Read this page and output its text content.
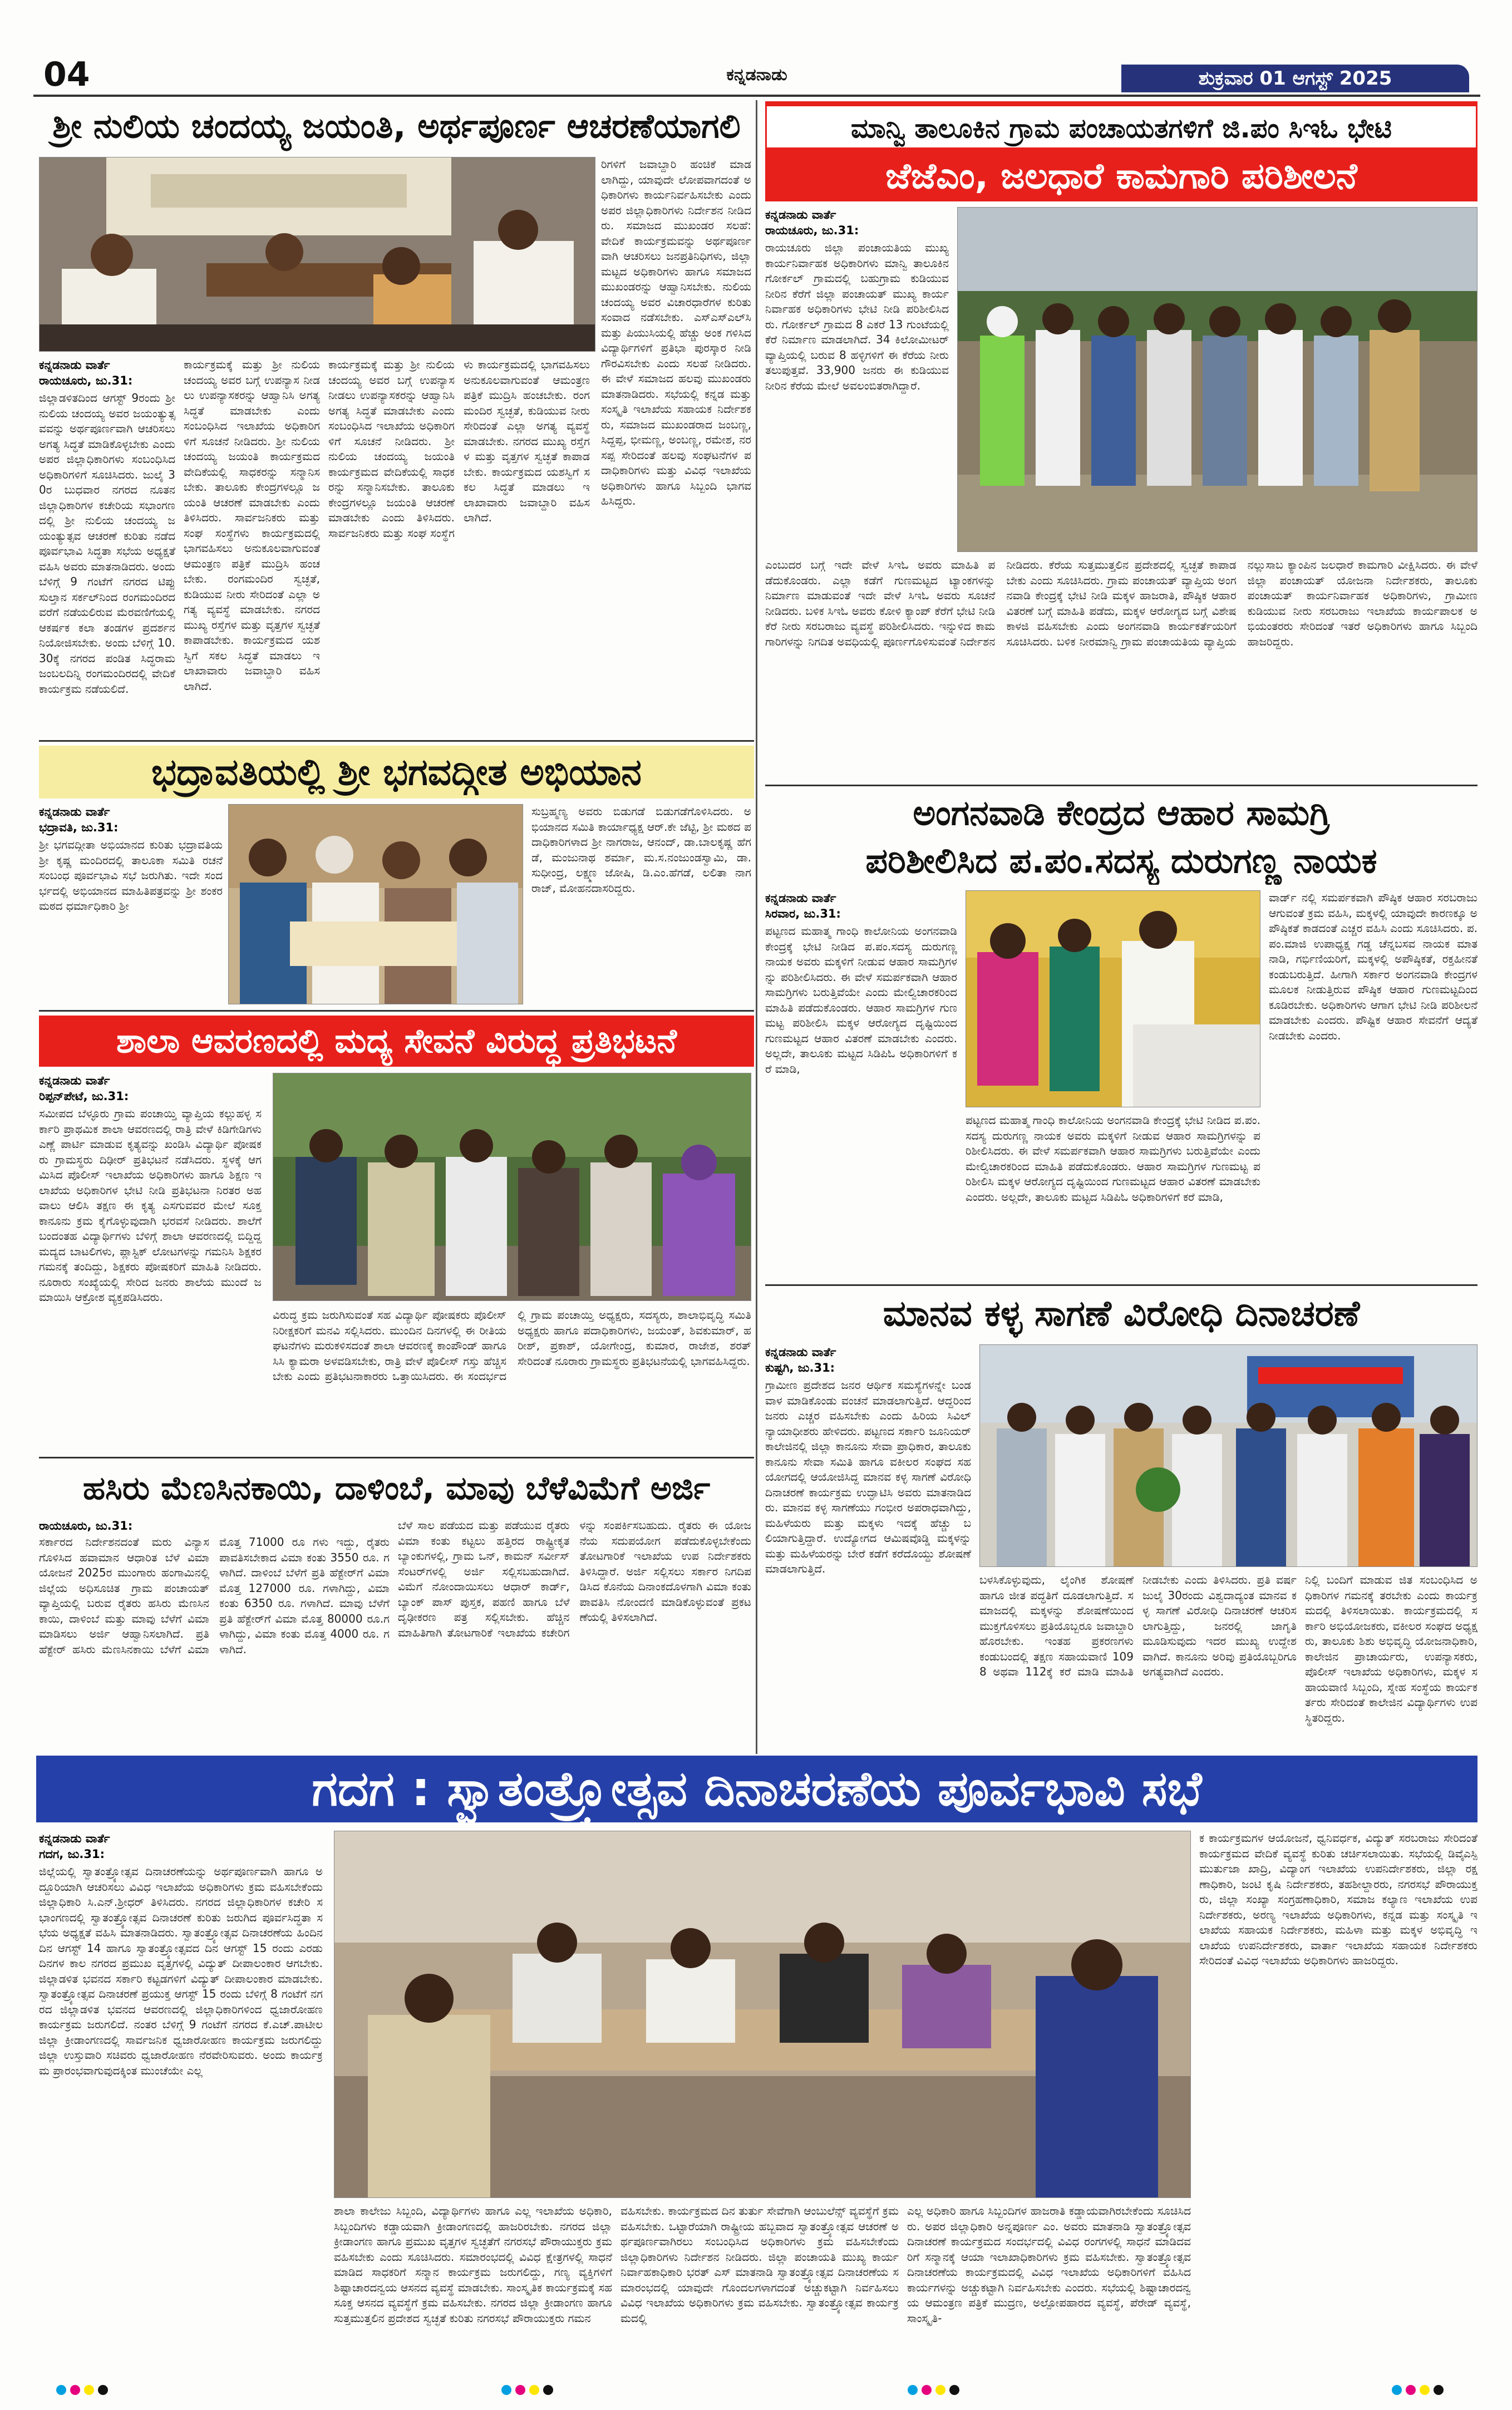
04	ಕನ್ನಡನಾಡು	ಶುಕ್ರವಾರ 01 ಆಗಸ್ಟ್ 2025
ಶ್ರೀ ನುಲಿಯ ಚಂದಯ್ಯ ಜಯಂತಿ, ಅರ್ಥಪೂರ್ಣ ಆಚರಣೆಯಾಗಲಿ
ರಿಗಳಿಗೆ ಜವಾಬ್ದಾರಿ ಹಂಚಿಕೆ ಮಾಡಲಾಗಿದ್ದು, ಯಾವುದೇ ಲೋಪವಾಗದಂತೆ ಅಧಿಕಾರಿಗಳು ಕಾರ್ಯನಿರ್ವಹಿಸಬೇಕು ಎಂದು ಅಪರ ಜಿಲ್ಲಾಧಿಕಾರಿಗಳು ನಿರ್ದೇಶನ ನೀಡಿದರು. ಸಮಾಜದ ಮುಖಂಡರ ಸಲಹೆ: ವೇದಿಕೆ ಕಾರ್ಯಕ್ರಮವನ್ನು ಅರ್ಥಪೂರ್ಣವಾಗಿ ಆಚರಿಸಲು ಜನಪ್ರತಿನಿಧಿಗಳು, ಜಿಲ್ಲಾ ಮಟ್ಟದ ಅಧಿಕಾರಿಗಳು ಹಾಗೂ ಸಮಾಜದ ಮುಖಂಡರನ್ನು ಆಹ್ವಾನಿಸಬೇಕು. ನುಲಿಯ ಚಂದಯ್ಯ ಅವರ ವಿಚಾರಧಾರೆಗಳ ಕುರಿತು ಸಂವಾದ ನಡೆಸಬೇಕು. ಎಸ್ಎಸ್ಎಲ್‌ಸಿ ಮತ್ತು ಪಿಯುಸಿಯಲ್ಲಿ ಹೆಚ್ಚು ಅಂಕ ಗಳಿಸಿದ ವಿದ್ಯಾರ್ಥಿಗಳಿಗೆ ಪ್ರತಿಭಾ ಪುರಸ್ಕಾರ ನೀಡಿ ಗೌರವಿಸಬೇಕು ಎಂದು ಸಲಹೆ ನೀಡಿದರು. ಈ ವೇಳೆ ಸಮಾಜದ ಹಲವು ಮುಖಂಡರು ಮಾತನಾಡಿದರು. ಸಭೆಯಲ್ಲಿ ಕನ್ನಡ ಮತ್ತು ಸಂಸ್ಕೃತಿ ಇಲಾಖೆಯ ಸಹಾಯಕ ನಿರ್ದೇಶಕರು, ಸಮಾಜದ ಮುಖಂಡರಾದ ಜಂಬಣ್ಣ, ಸಿದ್ದಪ್ಪ, ಭೀಮಣ್ಣ, ಅಂಬಣ್ಣ, ರಮೇಶ, ನರಸಪ್ಪ ಸೇರಿದಂತೆ ಹಲವು ಸಂಘಟನೆಗಳ ಪದಾಧಿಕಾರಿಗಳು ಮತ್ತು ವಿವಿಧ ಇಲಾಖೆಯ ಅಧಿಕಾರಿಗಳು ಹಾಗೂ ಸಿಬ್ಬಂದಿ ಭಾಗವಹಿಸಿದ್ದರು.
ಕನ್ನಡನಾಡು ವಾರ್ತೆ
ರಾಯಚೂರು, ಜು.31:
ಜಿಲ್ಲಾಡಳಿತದಿಂದ ಆಗಸ್ಟ್ 9ರಂದು ಶ್ರೀ ನುಲಿಯ ಚಂದಯ್ಯ ಅವರ ಜಯಂತ್ಯುತ್ಸವವನ್ನು ಅರ್ಥಪೂರ್ಣವಾಗಿ ಆಚರಿಸಲು ಅಗತ್ಯ ಸಿದ್ಧತೆ ಮಾಡಿಕೊಳ್ಳಬೇಕು ಎಂದು ಅಪರ ಜಿಲ್ಲಾಧಿಕಾರಿಗಳು ಸಂಬಂಧಿಸಿದ ಅಧಿಕಾರಿಗಳಿಗೆ ಸೂಚಿಸಿದರು. ಜುಲೈ 30ರ ಬುಧವಾರ ನಗರದ ನೂತನ ಜಿಲ್ಲಾಧಿಕಾರಿಗಳ ಕಚೇರಿಯ ಸಭಾಂಗಣದಲ್ಲಿ ಶ್ರೀ ನುಲಿಯ ಚಂದಯ್ಯ ಜಯಂತ್ಯುತ್ಸವ ಆಚರಣೆ ಕುರಿತು ನಡೆದ ಪೂರ್ವಭಾವಿ ಸಿದ್ಧತಾ ಸಭೆಯ ಅಧ್ಯಕ್ಷತೆ ವಹಿಸಿ ಅವರು ಮಾತನಾಡಿದರು. ಅಂದು ಬೆಳಿಗ್ಗೆ 9 ಗಂಟೆಗೆ ನಗರದ ಟಿಪ್ಪು ಸುಲ್ತಾನ ಸರ್ಕಲ್‌ನಿಂದ ರಂಗಮಂದಿರದವರೆಗೆ ನಡೆಯಲಿರುವ ಮೆರವಣಿಗೆಯಲ್ಲಿ ಆಕರ್ಷಕ ಕಲಾ ತಂಡಗಳ ಪ್ರದರ್ಶನ ನಿಯೋಜಿಸಬೇಕು. ಅಂದು ಬೆಳಿಗ್ಗೆ 10.30ಕ್ಕೆ ನಗರದ ಪಂಡಿತ ಸಿದ್ಧರಾಮ ಜಂಬಲದಿನ್ನಿ ರಂಗಮಂದಿರದಲ್ಲಿ ವೇದಿಕೆ ಕಾರ್ಯಕ್ರಮ ನಡೆಯಲಿದೆ.
ಕಾರ್ಯಕ್ರಮಕ್ಕೆ ಮತ್ತು ಶ್ರೀ ನುಲಿಯ ಚಂದಯ್ಯ ಅವರ ಬಗ್ಗೆ ಉಪನ್ಯಾಸ ನೀಡಲು ಉಪನ್ಯಾಸಕರನ್ನು ಆಹ್ವಾನಿಸಿ ಅಗತ್ಯ ಸಿದ್ಧತೆ ಮಾಡಬೇಕು ಎಂದು ಸಂಬಂಧಿಸಿದ ಇಲಾಖೆಯ ಅಧಿಕಾರಿಗಳಿಗೆ ಸೂಚನೆ ನೀಡಿದರು. ಶ್ರೀ ನುಲಿಯ ಚಂದಯ್ಯ ಜಯಂತಿ ಕಾರ್ಯಕ್ರಮದ ವೇದಿಕೆಯಲ್ಲಿ ಸಾಧಕರನ್ನು ಸನ್ಮಾನಿಸಬೇಕು. ತಾಲೂಕು ಕೇಂದ್ರಗಳಲ್ಲೂ ಜಯಂತಿ ಆಚರಣೆ ಮಾಡಬೇಕು ಎಂದು ತಿಳಿಸಿದರು. ಸಾರ್ವಜನಿಕರು ಮತ್ತು ಸಂಘ ಸಂಸ್ಥೆಗಳು ಕಾರ್ಯಕ್ರಮದಲ್ಲಿ ಭಾಗವಹಿಸಲು ಅನುಕೂಲವಾಗುವಂತೆ ಆಮಂತ್ರಣ ಪತ್ರಿಕೆ ಮುದ್ರಿಸಿ ಹಂಚಬೇಕು. ರಂಗಮಂದಿರ ಸ್ವಚ್ಛತೆ, ಕುಡಿಯುವ ನೀರು ಸೇರಿದಂತೆ ಎಲ್ಲಾ ಅಗತ್ಯ ವ್ಯವಸ್ಥೆ ಮಾಡಬೇಕು. ನಗರದ ಮುಖ್ಯ ರಸ್ತೆಗಳ ಮತ್ತು ವೃತ್ತಗಳ ಸ್ವಚ್ಛತೆ ಕಾಪಾಡಬೇಕು. ಕಾರ್ಯಕ್ರಮದ ಯಶಸ್ವಿಗೆ ಸಕಲ ಸಿದ್ಧತೆ ಮಾಡಲು ಇಲಾಖಾವಾರು ಜವಾಬ್ದಾರಿ ವಹಿಸಲಾಗಿದೆ.
ಕಾರ್ಯಕ್ರಮಕ್ಕೆ ಮತ್ತು ಶ್ರೀ ನುಲಿಯ ಚಂದಯ್ಯ ಅವರ ಬಗ್ಗೆ ಉಪನ್ಯಾಸ ನೀಡಲು ಉಪನ್ಯಾಸಕರನ್ನು ಆಹ್ವಾನಿಸಿ ಅಗತ್ಯ ಸಿದ್ಧತೆ ಮಾಡಬೇಕು ಎಂದು ಸಂಬಂಧಿಸಿದ ಇಲಾಖೆಯ ಅಧಿಕಾರಿಗಳಿಗೆ ಸೂಚನೆ ನೀಡಿದರು. ಶ್ರೀ ನುಲಿಯ ಚಂದಯ್ಯ ಜಯಂತಿ ಕಾರ್ಯಕ್ರಮದ ವೇದಿಕೆಯಲ್ಲಿ ಸಾಧಕರನ್ನು ಸನ್ಮಾನಿಸಬೇಕು. ತಾಲೂಕು ಕೇಂದ್ರಗಳಲ್ಲೂ ಜಯಂತಿ ಆಚರಣೆ ಮಾಡಬೇಕು ಎಂದು ತಿಳಿಸಿದರು. ಸಾರ್ವಜನಿಕರು ಮತ್ತು ಸಂಘ ಸಂಸ್ಥೆಗಳು ಕಾರ್ಯಕ್ರಮದಲ್ಲಿ ಭಾಗವಹಿಸಲು ಅನುಕೂಲವಾಗುವಂತೆ ಆಮಂತ್ರಣ ಪತ್ರಿಕೆ ಮುದ್ರಿಸಿ ಹಂಚಬೇಕು. ರಂಗಮಂದಿರ ಸ್ವಚ್ಛತೆ, ಕುಡಿಯುವ ನೀರು ಸೇರಿದಂತೆ ಎಲ್ಲಾ ಅಗತ್ಯ ವ್ಯವಸ್ಥೆ ಮಾಡಬೇಕು. ನಗರದ ಮುಖ್ಯ ರಸ್ತೆಗಳ ಮತ್ತು ವೃತ್ತಗಳ ಸ್ವಚ್ಛತೆ ಕಾಪಾಡಬೇಕು. ಕಾರ್ಯಕ್ರಮದ ಯಶಸ್ವಿಗೆ ಸಕಲ ಸಿದ್ಧತೆ ಮಾಡಲು ಇಲಾಖಾವಾರು ಜವಾಬ್ದಾರಿ ವಹಿಸಲಾಗಿದೆ.
ಭದ್ರಾವತಿಯಲ್ಲಿ ಶ್ರೀ ಭಗವದ್ಗೀತ ಅಭಿಯಾನ
ಕನ್ನಡನಾಡು ವಾರ್ತೆ
ಭದ್ರಾವತಿ, ಜು.31:
ಶ್ರೀ ಭಗವದ್ಗೀತಾ ಅಭಿಯಾನದ ಕುರಿತು ಭದ್ರಾವತಿಯ ಶ್ರೀ ಕೃಷ್ಣ ಮಂದಿರದಲ್ಲಿ ತಾಲೂಕಾ ಸಮಿತಿ ರಚನೆ ಸಂಬಂಧ ಪೂರ್ವಭಾವಿ ಸಭೆ ಜರುಗಿತು. ಇದೇ ಸಂದರ್ಭದಲ್ಲಿ ಅಭಿಯಾನದ ಮಾಹಿತಿಪತ್ರವನ್ನು ಶ್ರೀ ಶಂಕರ ಮಠದ ಧರ್ಮಾಧಿಕಾರಿ ಶ್ರೀ
ಸುಬ್ರಹ್ಮಣ್ಯ ಅವರು ಬಿಡುಗಡೆ ಬಿಡುಗಡೆಗೊಳಿಸಿದರು. ಅಭಿಯಾನದ ಸಮಿತಿ ಕಾರ್ಯಾಧ್ಯಕ್ಷ ಆರ್.ಕೇ ಜೆಟ್ಟಿ, ಶ್ರೀ ಮಠದ ಪದಾಧಿಕಾರಿಗಳಾದ ಶ್ರೀ ನಾಗರಾಜ, ಆನಂದ್, ಡಾ.ಬಾಲಕೃಷ್ಣ ಹೆಗಡೆ, ಮಂಜುನಾಥ ಶರ್ಮಾ, ಮ.ಸ.ನಂಜುಂಡಸ್ವಾಮಿ, ಡಾ.ಸುಧೀಂದ್ರ, ಲಕ್ಷ್ಮಣ ಜೋಷಿ, ಡಿ.ಎಂ.ಹೆಗಡೆ, ಲಲಿತಾ ನಾಗರಾಜ್, ಮೋಹನದಾಸರಿದ್ದರು.
ಶಾಲಾ ಆವರಣದಲ್ಲಿ ಮದ್ಯ ಸೇವನೆ ವಿರುದ್ಧ ಪ್ರತಿಭಟನೆ
ಕನ್ನಡನಾಡು ವಾರ್ತೆ
ರಿಪ್ಪನ್‌ಪೇಟೆ, ಜು.31:
ಸಮೀಪದ ಬೆಳ್ಳೂರು ಗ್ರಾಮ ಪಂಚಾಯ್ತಿ ವ್ಯಾಪ್ತಿಯ ಕಲ್ಲುಹಳ್ಳ ಸರ್ಕಾರಿ ಪ್ರಾಥಮಿಕ ಶಾಲಾ ಆವರಣದಲ್ಲಿ ರಾತ್ರಿ ವೇಳೆ ಕಿಡಿಗೇಡಿಗಳು ಎಣ್ಣೆ ಪಾರ್ಟಿ ಮಾಡುವ ಕೃತ್ಯವನ್ನು ಖಂಡಿಸಿ ವಿದ್ಯಾರ್ಥಿ ಪೋಷಕರು ಗ್ರಾಮಸ್ಥರು ದಿಢೀರ್ ಪ್ರತಿಭಟನೆ ನಡೆಸಿದರು. ಸ್ಥಳಕ್ಕೆ ಆಗಮಿಸಿದ ಪೊಲೀಸ್ ಇಲಾಖೆಯ ಅಧಿಕಾರಿಗಳು ಹಾಗೂ ಶಿಕ್ಷಣ ಇಲಾಖೆಯ ಅಧಿಕಾರಿಗಳ ಭೇಟಿ ನೀಡಿ ಪ್ರತಿಭಟನಾ ನಿರತರ ಅಹವಾಲು ಆಲಿಸಿ ತಕ್ಷಣ ಈ ಕೃತ್ಯ ಎಸಗುವವರ ಮೇಲೆ ಸೂಕ್ತ ಕಾನೂನು ಕ್ರಮ ಕೈಗೊಳ್ಳುವುದಾಗಿ ಭರವಸೆ ನೀಡಿದರು. ಶಾಲೆಗೆ ಬಂದಂತಹ ವಿದ್ಯಾರ್ಥಿಗಳು ಬೆಳಿಗ್ಗೆ ಶಾಲಾ ಆವರಣದಲ್ಲಿ ಬಿದ್ದಿದ್ದ ಮದ್ಯದ ಬಾಟಲಿಗಳು, ಪ್ಲಾಸ್ಟಿಕ್ ಲೋಟಗಳನ್ನು ಗಮನಿಸಿ ಶಿಕ್ಷಕರ ಗಮನಕ್ಕೆ ತಂದಿದ್ದು, ಶಿಕ್ಷಕರು ಪೋಷಕರಿಗೆ ಮಾಹಿತಿ ನೀಡಿದರು. ನೂರಾರು ಸಂಖ್ಯೆಯಲ್ಲಿ ಸೇರಿದ ಜನರು ಶಾಲೆಯ ಮುಂದೆ ಜಮಾಯಿಸಿ ಆಕ್ರೋಶ ವ್ಯಕ್ತಪಡಿಸಿದರು.
ವಿರುದ್ಧ ಕ್ರಮ ಜರುಗಿಸುವಂತೆ ಸಹ ವಿದ್ಯಾರ್ಥಿ ಪೋಷಕರು ಪೊಲೀಸ್ ನಿರೀಕ್ಷಕರಿಗೆ ಮನವಿ ಸಲ್ಲಿಸಿದರು. ಮುಂದಿನ ದಿನಗಳಲ್ಲಿ ಈ ರೀತಿಯ ಘಟನೆಗಳು ಮರುಕಳಿಸದಂತೆ ಶಾಲಾ ಆವರಣಕ್ಕೆ ಕಾಂಪೌಂಡ್ ಹಾಗೂ ಸಿಸಿ ಕ್ಯಾಮರಾ ಅಳವಡಿಸಬೇಕು, ರಾತ್ರಿ ವೇಳೆ ಪೊಲೀಸ್ ಗಸ್ತು ಹೆಚ್ಚಿಸಬೇಕು ಎಂದು ಪ್ರತಿಭಟನಾಕಾರರು ಒತ್ತಾಯಿಸಿದರು. ಈ ಸಂದರ್ಭದಲ್ಲಿ ಗ್ರಾಮ ಪಂಚಾಯ್ತಿ ಅಧ್ಯಕ್ಷರು, ಸದಸ್ಯರು, ಶಾಲಾಭಿವೃದ್ಧಿ ಸಮಿತಿ ಅಧ್ಯಕ್ಷರು ಹಾಗೂ ಪದಾಧಿಕಾರಿಗಳು, ಜಯಂತ್, ಶಿವಕುಮಾರ್, ಹರೀಶ್, ಪ್ರಕಾಶ್, ಯೋಗೇಂದ್ರ, ಕುಮಾರ, ರಾಜೇಶ, ಶರತ್ ಸೇರಿದಂತೆ ನೂರಾರು ಗ್ರಾಮಸ್ಥರು ಪ್ರತಿಭಟನೆಯಲ್ಲಿ ಭಾಗವಹಿಸಿದ್ದರು.
ಹಸಿರು ಮೆಣಸಿನಕಾಯಿ, ದಾಳಿಂಬೆ, ಮಾವು ಬೆಳೆವಿಮೆಗೆ ಅರ್ಜಿ
ರಾಯಚೂರು, ಜು.31:
ಸರ್ಕಾರದ ನಿರ್ದೇಶನದಂತೆ ಮರು ವಿನ್ಯಾಸಗೊಳಿಸಿದ ಹವಾಮಾನ ಆಧಾರಿತ ಬೆಳೆ ವಿಮಾ ಯೋಜನೆ 2025ರ ಮುಂಗಾರು ಹಂಗಾಮಿನಲ್ಲಿ ಜಿಲ್ಲೆಯ ಅಧಿಸೂಚಿತ ಗ್ರಾಮ ಪಂಚಾಯತ್ ವ್ಯಾಪ್ತಿಯಲ್ಲಿ ಬರುವ ರೈತರು ಹಸಿರು ಮೆಣಸಿನಕಾಯಿ, ದಾಳಿಂಬೆ ಮತ್ತು ಮಾವು ಬೆಳೆಗೆ ವಿಮಾ ಮಾಡಿಸಲು ಅರ್ಜಿ ಆಹ್ವಾನಿಸಲಾಗಿದೆ. ಪ್ರತಿ ಹೆಕ್ಟೇರ್ ಹಸಿರು ಮೆಣಸಿನಕಾಯಿ ಬೆಳೆಗೆ ವಿಮಾ ಮೊತ್ತ 71000 ರೂ ಗಳು ಇದ್ದು, ರೈತರು ಪಾವತಿಸಬೇಕಾದ ವಿಮಾ ಕಂತು 3550 ರೂ. ಗಳಾಗಿದೆ. ದಾಳಿಂಬೆ ಬೆಳೆಗೆ ಪ್ರತಿ ಹೆಕ್ಟೇರ್‌ಗೆ ವಿಮಾ ಮೊತ್ತ 127000 ರೂ. ಗಳಾಗಿದ್ದು, ವಿಮಾ ಕಂತು 6350 ರೂ. ಗಳಾಗಿದೆ. ಮಾವು ಬೆಳೆಗೆ ಪ್ರತಿ ಹೆಕ್ಟೇರ್‌ಗೆ ವಿಮಾ ಮೊತ್ತ 80000 ರೂ.ಗಳಾಗಿದ್ದು, ವಿಮಾ ಕಂತು ಮೊತ್ತ 4000 ರೂ. ಗಳಾಗಿದೆ.
ಬೆಳೆ ಸಾಲ ಪಡೆಯದ ಮತ್ತು ಪಡೆಯುವ ರೈತರು ವಿಮಾ ಕಂತು ಕಟ್ಟಲು ಹತ್ತಿರದ ರಾಷ್ಟ್ರೀಕೃತ ಬ್ಯಾಂಕುಗಳಲ್ಲಿ, ಗ್ರಾಮ ಒನ್, ಕಾಮನ್ ಸರ್ವೀಸ್ ಸೆಂಟರ್‌ಗಳಲ್ಲಿ ಅರ್ಜಿ ಸಲ್ಲಿಸಬಹುದಾಗಿದೆ. ವಿಮೆಗೆ ನೋಂದಾಯಿಸಲು ಆಧಾರ್ ಕಾರ್ಡ್, ಬ್ಯಾಂಕ್ ಪಾಸ್ ಪುಸ್ತಕ, ಪಹಣಿ ಹಾಗೂ ಬೆಳೆ ದೃಢೀಕರಣ ಪತ್ರ ಸಲ್ಲಿಸಬೇಕು. ಹೆಚ್ಚಿನ ಮಾಹಿತಿಗಾಗಿ ತೋಟಗಾರಿಕೆ ಇಲಾಖೆಯ ಕಚೇರಿಗಳನ್ನು ಸಂಪರ್ಕಿಸಬಹುದು. ರೈತರು ಈ ಯೋಜನೆಯ ಸದುಪಯೋಗ ಪಡೆದುಕೊಳ್ಳಬೇಕೆಂದು ತೋಟಗಾರಿಕೆ ಇಲಾಖೆಯ ಉಪ ನಿರ್ದೇಶಕರು ತಿಳಿಸಿದ್ದಾರೆ. ಅರ್ಜಿ ಸಲ್ಲಿಸಲು ಸರ್ಕಾರ ನಿಗದಿಪಡಿಸಿದ ಕೊನೆಯ ದಿನಾಂಕದೊಳಗಾಗಿ ವಿಮಾ ಕಂತು ಪಾವತಿಸಿ ನೋಂದಣಿ ಮಾಡಿಕೊಳ್ಳುವಂತೆ ಪ್ರಕಟಣೆಯಲ್ಲಿ ತಿಳಿಸಲಾಗಿದೆ.
ಮಾನ್ವಿ ತಾಲೂಕಿನ ಗ್ರಾಮ ಪಂಚಾಯತಗಳಿಗೆ ಜಿ.ಪಂ ಸಿಇಓ ಭೇಟಿ
ಜೆಜೆಎಂ, ಜಲಧಾರೆ ಕಾಮಗಾರಿ ಪರಿಶೀಲನೆ
ಕನ್ನಡನಾಡು ವಾರ್ತೆ
ರಾಯಚೂರು, ಜು.31:
ರಾಯಚೂರು ಜಿಲ್ಲಾ ಪಂಚಾಯತಿಯ ಮುಖ್ಯ ಕಾರ್ಯನಿರ್ವಾಹಕ ಅಧಿಕಾರಿಗಳು ಮಾನ್ವಿ ತಾಲೂಕಿನ ಗೋರ್ಕಲ್ ಗ್ರಾಮದಲ್ಲಿ ಬಹುಗ್ರಾಮ ಕುಡಿಯುವ ನೀರಿನ ಕೆರೆಗೆ ಜಿಲ್ಲಾ ಪಂಚಾಯತ್ ಮುಖ್ಯ ಕಾರ್ಯನಿರ್ವಾಹಕ ಅಧಿಕಾರಿಗಳು ಭೇಟಿ ನೀಡಿ ಪರಿಶೀಲಿಸಿದರು. ಗೋರ್ಕಲ್ ಗ್ರಾಮದ 8 ಎಕರೆ 13 ಗುಂಟೆಯಲ್ಲಿ ಕೆರೆ ನಿರ್ಮಾಣ ಮಾಡಲಾಗಿದೆ. 34 ಕಿಲೋಮೀಟರ್ ವ್ಯಾಪ್ತಿಯಲ್ಲಿ ಬರುವ 8 ಹಳ್ಳಿಗಳಿಗೆ ಈ ಕೆರೆಯ ನೀರು ತಲುಪುತ್ತವೆ. 33,900 ಜನರು ಈ ಕುಡಿಯುವ ನೀರಿನ ಕೆರೆಯ ಮೇಲೆ ಅವಲಂಬಿತರಾಗಿದ್ದಾರೆ.
ಎಂಬುದರ ಬಗ್ಗೆ ಇದೇ ವೇಳೆ ಸಿಇಓ ಅವರು ಮಾಹಿತಿ ಪಡೆದುಕೊಂಡರು. ಎಲ್ಲಾ ಕಡೆಗೆ ಗುಣಮಟ್ಟದ ಟ್ಯಾಂಕಗಳನ್ನು ನಿರ್ಮಾಣ ಮಾಡುವಂತೆ ಇದೇ ವೇಳೆ ಸಿಇಓ ಅವರು ಸೂಚನೆ ನೀಡಿದರು. ಬಳಿಕ ಸಿಇಓ ಅವರು ಕೋಳಿ ಕ್ಯಾಂಪ್ ಕೆರೆಗೆ ಭೇಟಿ ನೀಡಿ ಕೆರೆ ನೀರು ಸರಬರಾಜು ವ್ಯವಸ್ಥೆ ಪರಿಶೀಲಿಸಿದರು. ಇನ್ನುಳಿದ ಕಾಮಗಾರಿಗಳನ್ನು ನಿಗದಿತ ಅವಧಿಯಲ್ಲಿ ಪೂರ್ಣಗೊಳಿಸುವಂತೆ ನಿರ್ದೇಶನ ನೀಡಿದರು. ಕೆರೆಯ ಸುತ್ತಮುತ್ತಲಿನ ಪ್ರದೇಶದಲ್ಲಿ ಸ್ವಚ್ಛತೆ ಕಾಪಾಡಬೇಕು ಎಂದು ಸೂಚಿಸಿದರು. ಗ್ರಾಮ ಪಂಚಾಯತ್ ವ್ಯಾಪ್ತಿಯ ಅಂಗನವಾಡಿ ಕೇಂದ್ರಕ್ಕೆ ಭೇಟಿ ನೀಡಿ ಮಕ್ಕಳ ಹಾಜರಾತಿ, ಪೌಷ್ಠಿಕ ಆಹಾರ ವಿತರಣೆ ಬಗ್ಗೆ ಮಾಹಿತಿ ಪಡೆದು, ಮಕ್ಕಳ ಆರೋಗ್ಯದ ಬಗ್ಗೆ ವಿಶೇಷ ಕಾಳಜಿ ವಹಿಸಬೇಕು ಎಂದು ಅಂಗನವಾಡಿ ಕಾರ್ಯಕರ್ತೆಯರಿಗೆ ಸೂಚಿಸಿದರು. ಬಳಿಕ ನೀರಮಾನ್ವಿ ಗ್ರಾಮ ಪಂಚಾಯತಿಯ ವ್ಯಾಪ್ತಿಯ ನಲ್ಲುಸಾಬ ಕ್ಯಾಂಪಿನ ಜಲಧಾರೆ ಕಾಮಗಾರಿ ವೀಕ್ಷಿಸಿದರು. ಈ ವೇಳೆ ಜಿಲ್ಲಾ ಪಂಚಾಯತ್ ಯೋಜನಾ ನಿರ್ದೇಶಕರು, ತಾಲೂಕು ಪಂಚಾಯತ್ ಕಾರ್ಯನಿರ್ವಾಹಕ ಅಧಿಕಾರಿಗಳು, ಗ್ರಾಮೀಣ ಕುಡಿಯುವ ನೀರು ಸರಬರಾಜು ಇಲಾಖೆಯ ಕಾರ್ಯಪಾಲಕ ಅಭಿಯಂತರರು ಸೇರಿದಂತೆ ಇತರೆ ಅಧಿಕಾರಿಗಳು ಹಾಗೂ ಸಿಬ್ಬಂದಿ ಹಾಜರಿದ್ದರು.
ಅಂಗನವಾಡಿ ಕೇಂದ್ರದ ಆಹಾರ ಸಾಮಗ್ರಿ
ಪರಿಶೀಲಿಸಿದ ಪ.ಪಂ.ಸದಸ್ಯ ದುರುಗಣ್ಣ ನಾಯಕ
ಕನ್ನಡನಾಡು ವಾರ್ತೆ
ಸಿರವಾರ, ಜು.31:
ಪಟ್ಟಣದ ಮಹಾತ್ಮ ಗಾಂಧಿ ಕಾಲೋನಿಯ ಅಂಗನವಾಡಿ ಕೇಂದ್ರಕ್ಕೆ ಭೇಟಿ ನೀಡಿದ ಪ.ಪಂ.ಸದಸ್ಯ ದುರುಗಣ್ಣ ನಾಯಕ ಅವರು ಮಕ್ಕಳಿಗೆ ನೀಡುವ ಆಹಾರ ಸಾಮಗ್ರಿಗಳನ್ನು ಪರಿಶೀಲಿಸಿದರು. ಈ ವೇಳೆ ಸಮರ್ಪಕವಾಗಿ ಆಹಾರ ಸಾಮಗ್ರಿಗಳು ಬರುತ್ತಿವೆಯೇ ಎಂದು ಮೇಲ್ವಿಚಾರಕರಿಂದ ಮಾಹಿತಿ ಪಡೆದುಕೊಂಡರು. ಆಹಾರ ಸಾಮಗ್ರಿಗಳ ಗುಣಮಟ್ಟ ಪರಿಶೀಲಿಸಿ ಮಕ್ಕಳ ಆರೋಗ್ಯದ ದೃಷ್ಟಿಯಿಂದ ಗುಣಮಟ್ಟದ ಆಹಾರ ವಿತರಣೆ ಮಾಡಬೇಕು ಎಂದರು. ಅಲ್ಲದೇ, ತಾಲೂಕು ಮಟ್ಟದ ಸಿಡಿಪಿಓ ಅಧಿಕಾರಿಗಳಿಗೆ ಕರೆ ಮಾಡಿ,
ವಾರ್ಡ್ ನಲ್ಲಿ ಸಮರ್ಪಕವಾಗಿ ಪೌಷ್ಠಿಕ ಆಹಾರ ಸರಬರಾಜು ಆಗುವಂತೆ ಕ್ರಮ ವಹಿಸಿ, ಮಕ್ಕಳಲ್ಲಿ ಯಾವುದೇ ಕಾರಣಕ್ಕೂ ಅಪೌಷ್ಠಿಕತೆ ಕಾಡದಂತೆ ಎಚ್ಚರ ವಹಿಸಿ ಎಂದು ಸೂಚಿಸಿದರು. ಪ.ಪಂ.ಮಾಜಿ ಉಪಾಧ್ಯಕ್ಷ ಗಡ್ಡ ಚೆನ್ನಬಸವ ನಾಯಕ ಮಾತನಾಡಿ, ಗರ್ಭಿಣಿಯರಿಗೆ, ಮಕ್ಕಳಲ್ಲಿ ಅಪೌಷ್ಠಿಕತೆ, ರಕ್ತಹೀನತೆ ಕಂಡುಬರುತ್ತಿದೆ. ಹೀಗಾಗಿ ಸರ್ಕಾರ ಅಂಗನವಾಡಿ ಕೇಂದ್ರಗಳ ಮೂಲಕ ನೀಡುತ್ತಿರುವ ಪೌಷ್ಠಿಕ ಆಹಾರ ಗುಣಮಟ್ಟದಿಂದ ಕೂಡಿರಬೇಕು. ಅಧಿಕಾರಿಗಳು ಆಗಾಗ ಭೇಟಿ ನೀಡಿ ಪರಿಶೀಲನೆ ಮಾಡಬೇಕು ಎಂದರು. ಪೌಷ್ಟಿಕ ಆಹಾರ ಸೇವನೆಗೆ ಆದ್ಯತೆ ನೀಡಬೇಕು ಎಂದರು.
ಪಟ್ಟಣದ ಮಹಾತ್ಮ ಗಾಂಧಿ ಕಾಲೋನಿಯ ಅಂಗನವಾಡಿ ಕೇಂದ್ರಕ್ಕೆ ಭೇಟಿ ನೀಡಿದ ಪ.ಪಂ.ಸದಸ್ಯ ದುರುಗಣ್ಣ ನಾಯಕ ಅವರು ಮಕ್ಕಳಿಗೆ ನೀಡುವ ಆಹಾರ ಸಾಮಗ್ರಿಗಳನ್ನು ಪರಿಶೀಲಿಸಿದರು. ಈ ವೇಳೆ ಸಮರ್ಪಕವಾಗಿ ಆಹಾರ ಸಾಮಗ್ರಿಗಳು ಬರುತ್ತಿವೆಯೇ ಎಂದು ಮೇಲ್ವಿಚಾರಕರಿಂದ ಮಾಹಿತಿ ಪಡೆದುಕೊಂಡರು. ಆಹಾರ ಸಾಮಗ್ರಿಗಳ ಗುಣಮಟ್ಟ ಪರಿಶೀಲಿಸಿ ಮಕ್ಕಳ ಆರೋಗ್ಯದ ದೃಷ್ಟಿಯಿಂದ ಗುಣಮಟ್ಟದ ಆಹಾರ ವಿತರಣೆ ಮಾಡಬೇಕು ಎಂದರು. ಅಲ್ಲದೇ, ತಾಲೂಕು ಮಟ್ಟದ ಸಿಡಿಪಿಓ ಅಧಿಕಾರಿಗಳಿಗೆ ಕರೆ ಮಾಡಿ,
ಮಾನವ ಕಳ್ಳ ಸಾಗಣೆ ವಿರೋಧಿ ದಿನಾಚರಣೆ
ಕನ್ನಡನಾಡು ವಾರ್ತೆ
ಕುಷ್ಟಗಿ, ಜು.31:
ಗ್ರಾಮೀಣ ಪ್ರದೇಶದ ಜನರ ಆರ್ಥಿಕ ಸಮಸ್ಯೆಗಳನ್ನೇ ಬಂಡವಾಳ ಮಾಡಿಕೊಂಡು ವಂಚನೆ ಮಾಡಲಾಗುತ್ತಿದೆ. ಆದ್ದರಿಂದ ಜನರು ಎಚ್ಚರ ವಹಿಸಬೇಕು ಎಂದು ಹಿರಿಯ ಸಿವಿಲ್ ನ್ಯಾಯಾಧೀಶರು ಹೇಳಿದರು. ಪಟ್ಟಣದ ಸರ್ಕಾರಿ ಜೂನಿಯರ್ ಕಾಲೇಜಿನಲ್ಲಿ ಜಿಲ್ಲಾ ಕಾನೂನು ಸೇವಾ ಪ್ರಾಧಿಕಾರ, ತಾಲೂಕು ಕಾನೂನು ಸೇವಾ ಸಮಿತಿ ಹಾಗೂ ವಕೀಲರ ಸಂಘದ ಸಹಯೋಗದಲ್ಲಿ ಆಯೋಜಿಸಿದ್ದ ಮಾನವ ಕಳ್ಳ ಸಾಗಣೆ ವಿರೋಧಿ ದಿನಾಚರಣೆ ಕಾರ್ಯಕ್ರಮ ಉದ್ಘಾಟಿಸಿ ಅವರು ಮಾತನಾಡಿದರು. ಮಾನವ ಕಳ್ಳ ಸಾಗಣೆಯು ಗಂಭೀರ ಅಪರಾಧವಾಗಿದ್ದು, ಮಹಿಳೆಯರು ಮತ್ತು ಮಕ್ಕಳು ಇದಕ್ಕೆ ಹೆಚ್ಚು ಬಲಿಯಾಗುತ್ತಿದ್ದಾರೆ. ಉದ್ಯೋಗದ ಆಮಿಷವೊಡ್ಡಿ ಮಕ್ಕಳನ್ನು ಮತ್ತು ಮಹಿಳೆಯರನ್ನು ಬೇರೆ ಕಡೆಗೆ ಕರೆದೊಯ್ದು ಶೋಷಣೆ ಮಾಡಲಾಗುತ್ತಿದೆ.
ಬಳಸಿಕೊಳ್ಳುವುದು, ಲೈಂಗಿಕ ಶೋಷಣೆ ಹಾಗೂ ಜೀತ ಪದ್ಧತಿಗೆ ದೂಡಲಾಗುತ್ತಿದೆ. ಸಮಾಜದಲ್ಲಿ ಮಕ್ಕಳನ್ನು ಶೋಷಣೆಯಿಂದ ಮುಕ್ತಗೊಳಿಸಲು ಪ್ರತಿಯೊಬ್ಬರೂ ಜವಾಬ್ದಾರಿ ಹೊರಬೇಕು. ಇಂತಹ ಪ್ರಕರಣಗಳು ಕಂಡುಬಂದಲ್ಲಿ ತಕ್ಷಣ ಸಹಾಯವಾಣಿ 1098 ಅಥವಾ 112ಕ್ಕೆ ಕರೆ ಮಾಡಿ ಮಾಹಿತಿ ನೀಡಬೇಕು ಎಂದು ತಿಳಿಸಿದರು. ಪ್ರತಿ ವರ್ಷ ಜುಲೈ 30ರಂದು ವಿಶ್ವದಾದ್ಯಂತ ಮಾನವ ಕಳ್ಳ ಸಾಗಣೆ ವಿರೋಧಿ ದಿನಾಚರಣೆ ಆಚರಿಸಲಾಗುತ್ತಿದ್ದು, ಜನರಲ್ಲಿ ಜಾಗೃತಿ ಮೂಡಿಸುವುದು ಇದರ ಮುಖ್ಯ ಉದ್ದೇಶವಾಗಿದೆ. ಕಾನೂನು ಅರಿವು ಪ್ರತಿಯೊಬ್ಬರಿಗೂ ಅಗತ್ಯವಾಗಿದೆ ಎಂದರು.
ನಿಲ್ಲಿ ಬಂದಿಗೆ ಮಾಡುವ ಜಿತ ಸಂಬಂಧಿಸಿದ ಅಧಿಕಾರಿಗಳ ಗಮನಕ್ಕೆ ತರಬೇಕು ಎಂದು ಕಾರ್ಯಕ್ರಮದಲ್ಲಿ ತಿಳಿಸಲಾಯಿತು. ಕಾರ್ಯಕ್ರಮದಲ್ಲಿ ಸರ್ಕಾರಿ ಅಭಿಯೋಜಕರು, ವಕೀಲರ ಸಂಘದ ಅಧ್ಯಕ್ಷರು, ತಾಲೂಕು ಶಿಶು ಅಭಿವೃದ್ಧಿ ಯೋಜನಾಧಿಕಾರಿ, ಕಾಲೇಜಿನ ಪ್ರಾಚಾರ್ಯರು, ಉಪನ್ಯಾಸಕರು, ಪೊಲೀಸ್ ಇಲಾಖೆಯ ಅಧಿಕಾರಿಗಳು, ಮಕ್ಕಳ ಸಹಾಯವಾಣಿ ಸಿಬ್ಬಂದಿ, ಸ್ನೇಹ ಸಂಸ್ಥೆಯ ಕಾರ್ಯಕರ್ತರು ಸೇರಿದಂತೆ ಕಾಲೇಜಿನ ವಿದ್ಯಾರ್ಥಿಗಳು ಉಪಸ್ಥಿತರಿದ್ದರು.
ಗದಗ : ಸ್ವಾತಂತ್ರ್ಯೋತ್ಸವ ದಿನಾಚರಣೆಯ ಪೂರ್ವಭಾವಿ ಸಭೆ
ಕನ್ನಡನಾಡು ವಾರ್ತೆ
ಗದಗ, ಜು.31:
ಜಿಲ್ಲೆಯಲ್ಲಿ ಸ್ವಾತಂತ್ರ್ಯೋತ್ಸವ ದಿನಾಚರಣೆಯನ್ನು ಅರ್ಥಪೂರ್ಣವಾಗಿ ಹಾಗೂ ಅದ್ದೂರಿಯಾಗಿ ಆಚರಿಸಲು ವಿವಿಧ ಇಲಾಖೆಯ ಅಧಿಕಾರಿಗಳು ಕ್ರಮ ವಹಿಸಬೇಕೆಂದು ಜಿಲ್ಲಾಧಿಕಾರಿ ಸಿ.ಎನ್.ಶ್ರೀಧರ್ ತಿಳಿಸಿದರು. ನಗರದ ಜಿಲ್ಲಾಧಿಕಾರಿಗಳ ಕಚೇರಿ ಸಭಾಂಗಣದಲ್ಲಿ ಸ್ವಾತಂತ್ರ್ಯೋತ್ಸವ ದಿನಾಚರಣೆ ಕುರಿತು ಜರುಗಿದ ಪೂರ್ವಸಿದ್ಧತಾ ಸಭೆಯ ಅಧ್ಯಕ್ಷತೆ ವಹಿಸಿ ಮಾತನಾಡಿದರು. ಸ್ವಾತಂತ್ರ್ಯೋತ್ಸವ ದಿನಾಚರಣೆಯ ಹಿಂದಿನ ದಿನ ಆಗಸ್ಟ್ 14 ಹಾಗೂ ಸ್ವಾತಂತ್ರ್ಯೋತ್ಸವದ ದಿನ ಆಗಸ್ಟ್ 15 ರಂದು ಎರಡು ದಿನಗಳ ಕಾಲ ನಗರದ ಪ್ರಮುಖ ವೃತ್ತಗಳಲ್ಲಿ ವಿದ್ಯುತ್ ದೀಪಾಲಂಕಾರ ಆಗಬೇಕು. ಜಿಲ್ಲಾಡಳಿತ ಭವನದ ಸರ್ಕಾರಿ ಕಟ್ಟಡಗಳಿಗೆ ವಿದ್ಯುತ್ ದೀಪಾಲಂಕಾರ ಮಾಡಬೇಕು. ಸ್ವಾತಂತ್ರ್ಯೋತ್ಸವ ದಿನಾಚರಣೆ ಪ್ರಯುಕ್ತ ಆಗಸ್ಟ್ 15 ರಂದು ಬೆಳಿಗ್ಗೆ 8 ಗಂಟೆಗೆ ನಗರದ ಜಿಲ್ಲಾಡಳಿತ ಭವನದ ಆವರಣದಲ್ಲಿ ಜಿಲ್ಲಾಧಿಕಾರಿಗಳಿಂದ ಧ್ವಜಾರೋಹಣ ಕಾರ್ಯಕ್ರಮ ಜರುಗಲಿದೆ. ನಂತರ ಬೆಳಿಗ್ಗೆ 9 ಗಂಟೆಗೆ ನಗರದ ಕೆ.ಎಚ್.ಪಾಟೀಲ ಜಿಲ್ಲಾ ಕ್ರೀಡಾಂಗಣದಲ್ಲಿ ಸಾರ್ವಜನಿಕ ಧ್ವಜಾರೋಹಣ ಕಾರ್ಯಕ್ರಮ ಜರುಗಲಿದ್ದು ಜಿಲ್ಲಾ ಉಸ್ತುವಾರಿ ಸಚಿವರು ಧ್ವಜಾರೋಹಣ ನೆರವೇರಿಸುವರು. ಅಂದು ಕಾರ್ಯಕ್ರಮ ಪ್ರಾರಂಭವಾಗುವುದಕ್ಕಿಂತ ಮುಂಚೆಯೇ ಎಲ್ಲ
ಶಾಲಾ ಕಾಲೇಜು ಸಿಬ್ಬಂದಿ, ವಿದ್ಯಾರ್ಥಿಗಳು ಹಾಗೂ ಎಲ್ಲ ಇಲಾಖೆಯ ಅಧಿಕಾರಿ, ಸಿಬ್ಬಂದಿಗಳು ಕಡ್ಡಾಯವಾಗಿ ಕ್ರೀಡಾಂಗಣದಲ್ಲಿ ಹಾಜರಿರಬೇಕು. ನಗರದ ಜಿಲ್ಲಾ ಕ್ರೀಡಾಂಗಣ ಹಾಗೂ ಪ್ರಮುಖ ವೃತ್ತಗಳ ಸ್ವಚ್ಛತೆಗೆ ನಗರಸಭೆ ಪೌರಾಯುಕ್ತರು ಕ್ರಮ ವಹಿಸಬೇಕು ಎಂದು ಸೂಚಿಸಿದರು. ಸಮಾರಂಭದಲ್ಲಿ ವಿವಿಧ ಕ್ಷೇತ್ರಗಳಲ್ಲಿ ಸಾಧನೆ ಮಾಡಿದ ಸಾಧಕರಿಗೆ ಸನ್ಮಾನ ಕಾರ್ಯಕ್ರಮ ಜರುಗಲಿದ್ದು, ಗಣ್ಯ ವ್ಯಕ್ತಿಗಳಿಗೆ ಶಿಷ್ಟಾಚಾರದನ್ವಯ ಆಸನದ ವ್ಯವಸ್ಥೆ ಮಾಡಬೇಕು. ಸಾಂಸ್ಕೃತಿಕ ಕಾರ್ಯಕ್ರಮಕ್ಕೆ ಸಹ ಸೂಕ್ತ ಆಸನದ ವ್ಯವಸ್ಥೆಗೆ ಕ್ರಮ ವಹಿಸಬೇಕು. ನಗರದ ಜಿಲ್ಲಾ ಕ್ರೀಡಾಂಗಣ ಹಾಗೂ ಸುತ್ತಮುತ್ತಲಿನ ಪ್ರದೇಶದ ಸ್ವಚ್ಛತೆ ಕುರಿತು ನಗರಸಭೆ ಪೌರಾಯುಕ್ತರು ಗಮನ
ವಹಿಸಬೇಕು. ಕಾರ್ಯಕ್ರಮದ ದಿನ ತುರ್ತು ಸೇವೆಗಾಗಿ ಆಂಬುಲೆನ್ಸ್ ವ್ಯವಸ್ಥೆಗೆ ಕ್ರಮ ವಹಿಸಬೇಕು. ಒಟ್ಟಾರೆಯಾಗಿ ರಾಷ್ಟ್ರೀಯ ಹಬ್ಬವಾದ ಸ್ವಾತಂತ್ರ್ಯೋತ್ಸವ ಆಚರಣೆ ಅರ್ಥಪೂರ್ಣವಾಗಿರಲು ಸಂಬಂಧಿಸಿದ ಅಧಿಕಾರಿಗಳು ಕ್ರಮ ವಹಿಸಬೇಕೆಂದು ಜಿಲ್ಲಾಧಿಕಾರಿಗಳು ನಿರ್ದೇಶನ ನೀಡಿದರು. ಜಿಲ್ಲಾ ಪಂಚಾಯತಿ ಮುಖ್ಯ ಕಾರ್ಯನಿರ್ವಾಹಕಾಧಿಕಾರಿ ಭರತ್ ಎಸ್ ಮಾತನಾಡಿ ಸ್ವಾತಂತ್ರ್ಯೋತ್ಸವ ದಿನಾಚರಣೆಯ ಸಮಾರಂಭದಲ್ಲಿ ಯಾವುದೇ ಗೊಂದಲಗಳಾಗದಂತೆ ಅಚ್ಚುಕಟ್ಟಾಗಿ ನಿರ್ವಹಿಸಲು ವಿವಿಧ ಇಲಾಖೆಯ ಅಧಿಕಾರಿಗಳು ಕ್ರಮ ವಹಿಸಬೇಕು. ಸ್ವಾತಂತ್ರ್ಯೋತ್ಸವ ಕಾರ್ಯಕ್ರಮದಲ್ಲಿ
ಎಲ್ಲ ಅಧಿಕಾರಿ ಹಾಗೂ ಸಿಬ್ಬಂದಿಗಳ ಹಾಜರಾತಿ ಕಡ್ಡಾಯವಾಗಿರಬೇಕೆಂದು ಸೂಚಿಸಿದರು. ಅಪರ ಜಿಲ್ಲಾಧಿಕಾರಿ ಅನ್ನಪೂರ್ಣ ಎಂ. ಅವರು ಮಾತನಾಡಿ ಸ್ವಾತಂತ್ರ್ಯೋತ್ಸವ ದಿನಾಚರಣೆ ಕಾರ್ಯಕ್ರಮದ ಸಂದರ್ಭದಲ್ಲಿ ವಿವಿಧ ರಂಗಗಳಲ್ಲಿ ಸಾಧನೆ ಮಾಡಿದವರಿಗೆ ಸನ್ಮಾನಕ್ಕೆ ಆಯಾ ಇಲಾಖಾಧಿಕಾರಿಗಳು ಕ್ರಮ ವಹಿಸಬೇಕು. ಸ್ವಾತಂತ್ರ್ಯೋತ್ಸವ ದಿನಾಚರಣೆಯ ಕಾರ್ಯಕ್ರಮದಲ್ಲಿ ವಿವಿಧ ಇಲಾಖೆಯ ಅಧಿಕಾರಿಗಳಿಗೆ ವಹಿಸಿದ ಕಾರ್ಯಗಳನ್ನು ಅಚ್ಚುಕಟ್ಟಾಗಿ ನಿರ್ವಹಿಸಬೇಕು ಎಂದರು. ಸಭೆಯಲ್ಲಿ ಶಿಷ್ಟಾಚಾರದನ್ವಯ ಆಮಂತ್ರಣ ಪತ್ರಿಕೆ ಮುದ್ರಣ, ಅಲ್ಪೋಪಹಾರದ ವ್ಯವಸ್ಥೆ, ಪೆರೇಡ್ ವ್ಯವಸ್ಥೆ, ಸಾಂಸ್ಕೃತಿ-
ಕ ಕಾರ್ಯಕ್ರಮಗಳ ಆಯೋಜನೆ, ಧ್ವನಿವರ್ಧಕ, ವಿದ್ಯುತ್ ಸರಬರಾಜು ಸೇರಿದಂತೆ ಕಾರ್ಯಕ್ರಮದ ವೇದಿಕೆ ವ್ಯವಸ್ಥೆ ಕುರಿತು ಚರ್ಚಿಸಲಾಯಿತು. ಸಭೆಯಲ್ಲಿ ಡಿವೈಎಸ್ಪಿ ಮುರ್ತುಜಾ ಖಾದ್ರಿ, ವಿದ್ಯಾಂಗ ಇಲಾಖೆಯ ಉಪನಿರ್ದೇಶಕರು, ಜಿಲ್ಲಾ ರಕ್ಷಣಾಧಿಕಾರಿ, ಜಂಟಿ ಕೃಷಿ ನಿರ್ದೇಶಕರು, ತಹಶೀಲ್ದಾರರು, ನಗರಸಭೆ ಪೌರಾಯುಕ್ತರು, ಜಿಲ್ಲಾ ಸಂಖ್ಯಾ ಸಂಗ್ರಹಣಾಧಿಕಾರಿ, ಸಮಾಜ ಕಲ್ಯಾಣ ಇಲಾಖೆಯ ಉಪನಿರ್ದೇಶಕರು, ಅರಣ್ಯ ಇಲಾಖೆಯ ಅಧಿಕಾರಿಗಳು, ಕನ್ನಡ ಮತ್ತು ಸಂಸ್ಕೃತಿ ಇಲಾಖೆಯ ಸಹಾಯಕ ನಿರ್ದೇಶಕರು, ಮಹಿಳಾ ಮತ್ತು ಮಕ್ಕಳ ಅಭಿವೃದ್ಧಿ ಇಲಾಖೆಯ ಉಪನಿರ್ದೇಶಕರು, ವಾರ್ತಾ ಇಲಾಖೆಯ ಸಹಾಯಕ ನಿರ್ದೇಶಕರು ಸೇರಿದಂತೆ ವಿವಿಧ ಇಲಾಖೆಯ ಅಧಿಕಾರಿಗಳು ಹಾಜರಿದ್ದರು.
